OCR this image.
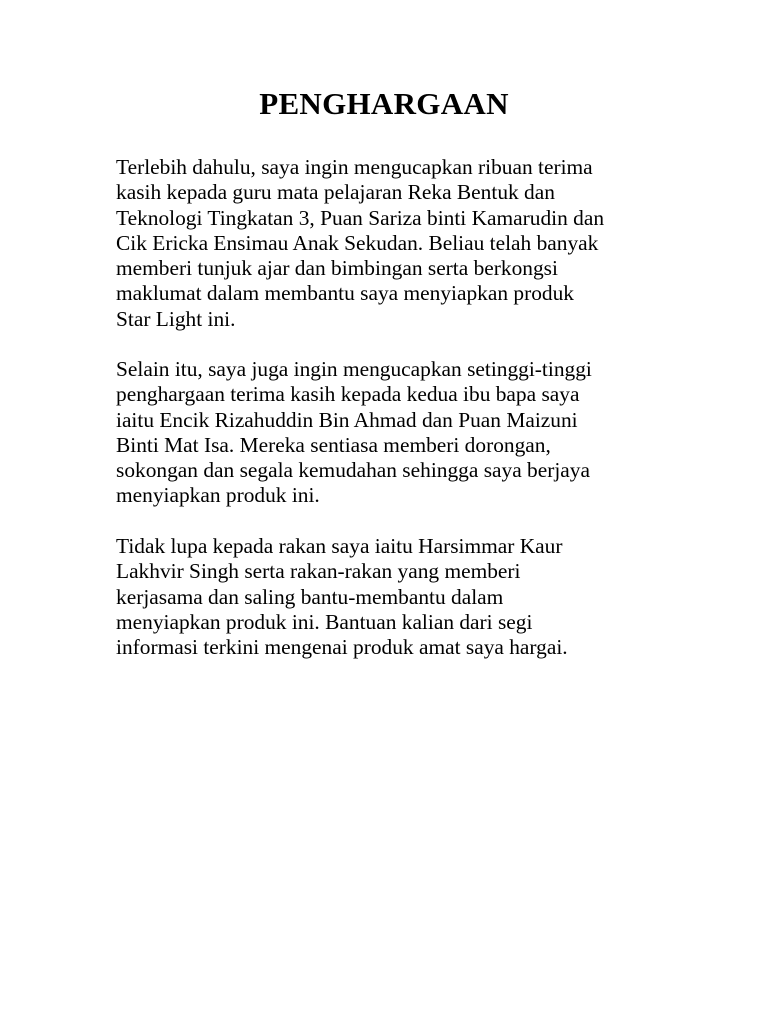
PENGHARGAAN

Terlebih dahulu, saya ingin mengucapkan ribuan terima
kasih kepada guru mata pelajaran Reka Bentuk dan
Teknologi Tingkatan 3, Puan Sariza binti Kamarudin dan
Cik Ericka Ensimau Anak Sekudan. Beliau telah banyak
memberi tunjuk ajar dan bimbingan serta berkongsi
maklumat dalam membantu saya menyiapkan produk
Star Light ini.

Selain itu, saya juga ingin mengucapkan setinggi-tinggi
penghargaan terima kasih kepada kedua ibu bapa saya
iaitu Encik Rizahuddin Bin Ahmad dan Puan Maizuni
Binti Mat Isa. Mereka sentiasa memberi dorongan,
sokongan dan segala kemudahan sehingga saya berjaya
menyiapkan produk ini.

Tidak lupa kepada rakan saya iaitu Harsimmar Kaur
Lakhvir Singh serta rakan-rakan yang memberi
kerjasama dan saling bantu-membantu dalam
menyiapkan produk ini. Bantuan kalian dari segi
informasi terkini mengenai produk amat saya hargai.
